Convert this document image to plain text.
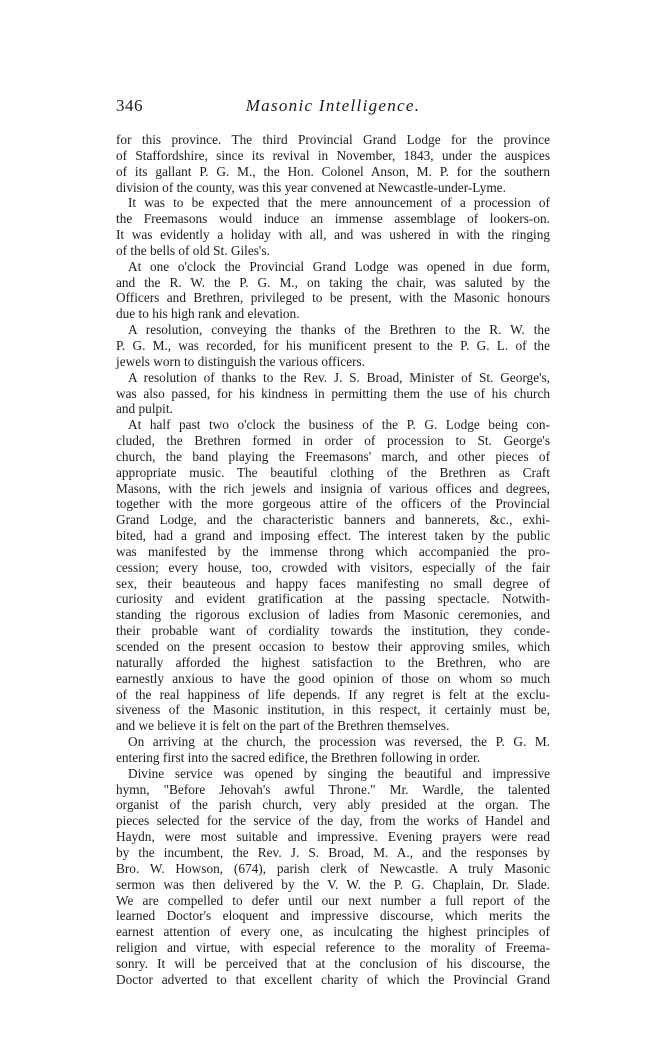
346	Masonic Intelligence.
for this province. The third Provincial Grand Lodge for the province
of Staffordshire, since its revival in November, 1843, under the auspices
of its gallant P. G. M., the Hon. Colonel Anson, M. P. for the southern
division of the county, was this year convened at Newcastle-under-Lyme.
It was to be expected that the mere announcement of a procession of
the Freemasons would induce an immense assemblage of lookers-on.
It was evidently a holiday with all, and was ushered in with the ringing
of the bells of old St. Giles's.
At one o'clock the Provincial Grand Lodge was opened in due form,
and the R. W. the P. G. M., on taking the chair, was saluted by the
Officers and Brethren, privileged to be present, with the Masonic honours
due to his high rank and elevation.
A resolution, conveying the thanks of the Brethren to the R. W. the
P. G. M., was recorded, for his munificent present to the P. G. L. of the
jewels worn to distinguish the various officers.
A resolution of thanks to the Rev. J. S. Broad, Minister of St. George's,
was also passed, for his kindness in permitting them the use of his church
and pulpit.
At half past two o'clock the business of the P. G. Lodge being con-
cluded, the Brethren formed in order of procession to St. George's
church, the band playing the Freemasons' march, and other pieces of
appropriate music. The beautiful clothing of the Brethren as Craft
Masons, with the rich jewels and insignia of various offices and degrees,
together with the more gorgeous attire of the officers of the Provincial
Grand Lodge, and the characteristic banners and bannerets, &c., exhi-
bited, had a grand and imposing effect. The interest taken by the public
was manifested by the immense throng which accompanied the pro-
cession; every house, too, crowded with visitors, especially of the fair
sex, their beauteous and happy faces manifesting no small degree of
curiosity and evident gratification at the passing spectacle. Notwith-
standing the rigorous exclusion of ladies from Masonic ceremonies, and
their probable want of cordiality towards the institution, they conde-
scended on the present occasion to bestow their approving smiles, which
naturally afforded the highest satisfaction to the Brethren, who are
earnestly anxious to have the good opinion of those on whom so much
of the real happiness of life depends. If any regret is felt at the exclu-
siveness of the Masonic institution, in this respect, it certainly must be,
and we believe it is felt on the part of the Brethren themselves.
On arriving at the church, the procession was reversed, the P. G. M.
entering first into the sacred edifice, the Brethren following in order.
Divine service was opened by singing the beautiful and impressive
hymn, "Before Jehovah's awful Throne." Mr. Wardle, the talented
organist of the parish church, very ably presided at the organ. The
pieces selected for the service of the day, from the works of Handel and
Haydn, were most suitable and impressive. Evening prayers were read
by the incumbent, the Rev. J. S. Broad, M. A., and the responses by
Bro. W. Howson, (674), parish clerk of Newcastle. A truly Masonic
sermon was then delivered by the V. W. the P. G. Chaplain, Dr. Slade.
We are compelled to defer until our next number a full report of the
learned Doctor's eloquent and impressive discourse, which merits the
earnest attention of every one, as inculcating the highest principles of
religion and virtue, with especial reference to the morality of Freema-
sonry. It will be perceived that at the conclusion of his discourse, the
Doctor adverted to that excellent charity of which the Provincial Grand
